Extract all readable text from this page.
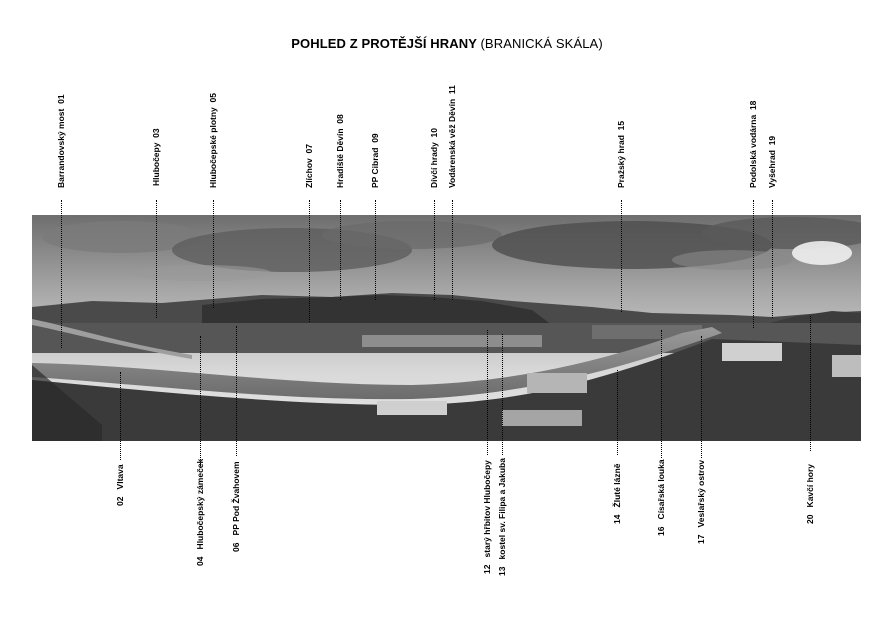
POHLED Z PROTĚJŠÍ HRANY (BRANICKÁ SKÁLA)
Barrandovský most  01
Hlubočepy  03	Hlubočepské plotny  05
Zlíchov  07 Hradiště Děvín  08
PP Cibrad  09
Dívčí hrady  10 Vodárenská věž Děvín  11
Pražský hrad  15	Podolská vodárna  18
Vyšehrad  19
02   Vltava
04   Hlubočepský zámeček	06   PP Pod Žvahovem
12   starý hřbitov Hlubočepy
13   kostel sv. Filipa a Jakuba	14   Žluté lázně
16   Císařská louka
17   Veslařský ostrov	20   Kavčí hory
